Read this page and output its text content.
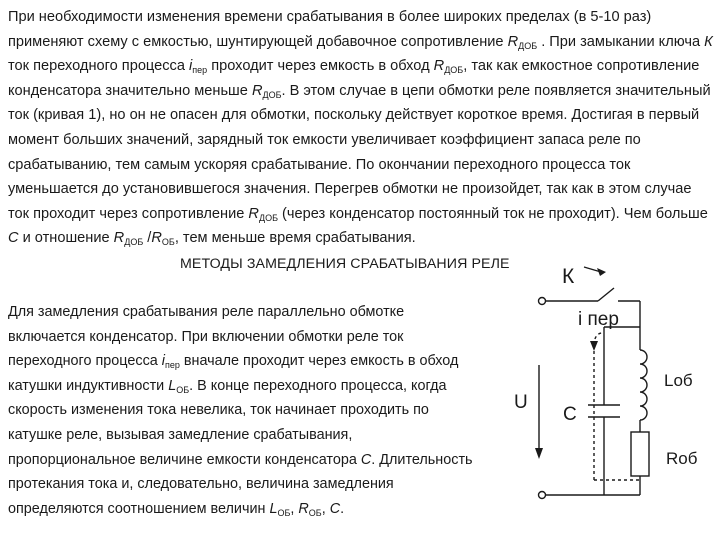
При необходимости изменения времени срабатывания в более широких пределах (в 5-10 раз) применяют схему с емкостью, шунтирующей добавочное сопротивление $R_{ДОБ}$ . При замыкании ключа К ток переходного процесса $i_{пер}$ проходит через емкость в обход $R_{ДОБ}$, так как емкостное сопротивление конденсатора значительно меньше $R_{ДОБ}$. В этом случае в цепи обмотки реле появляется значительный ток (кривая 1), но он не опасен для обмотки, поскольку действует короткое время. Достигая в первый момент больших значений, зарядный ток емкости увеличивает коэффициент запаса реле по срабатыванию, тем самым ускоряя срабатывание. По окончании переходного процесса ток уменьшается до установившегося значения. Перегрев обмотки не произойдет, так как в этом случае ток проходит через сопротивление $R_{ДОБ}$ (через конденсатор постоянный ток не проходит). Чем больше С и отношение $R_{ДОБ}$ $/R_{ОБ}$, тем меньше время срабатывания.

МЕТОДЫ ЗАМЕДЛЕНИЯ СРАБАТЫВАНИЯ РЕЛЕ

Для замедления срабатывания реле параллельно обмотке включается конденсатор. При включении обмотки реле ток переходного процесса $i_{пер}$ вначале проходит через емкость в обход катушки индуктивности $L_{ОБ}$. В конце переходного процесса, когда скорость изменения тока невелика, ток начинает проходить по катушке реле, вызывая замедление срабатывания, пропорциональное величине емкости конденсатора С. Длительность протекания тока и, следовательно, величина замедления определяются соотношением величин $L_{ОБ}$, $R_{ОБ}$, С.

К
i пер
U
С
Lоб
Rоб
